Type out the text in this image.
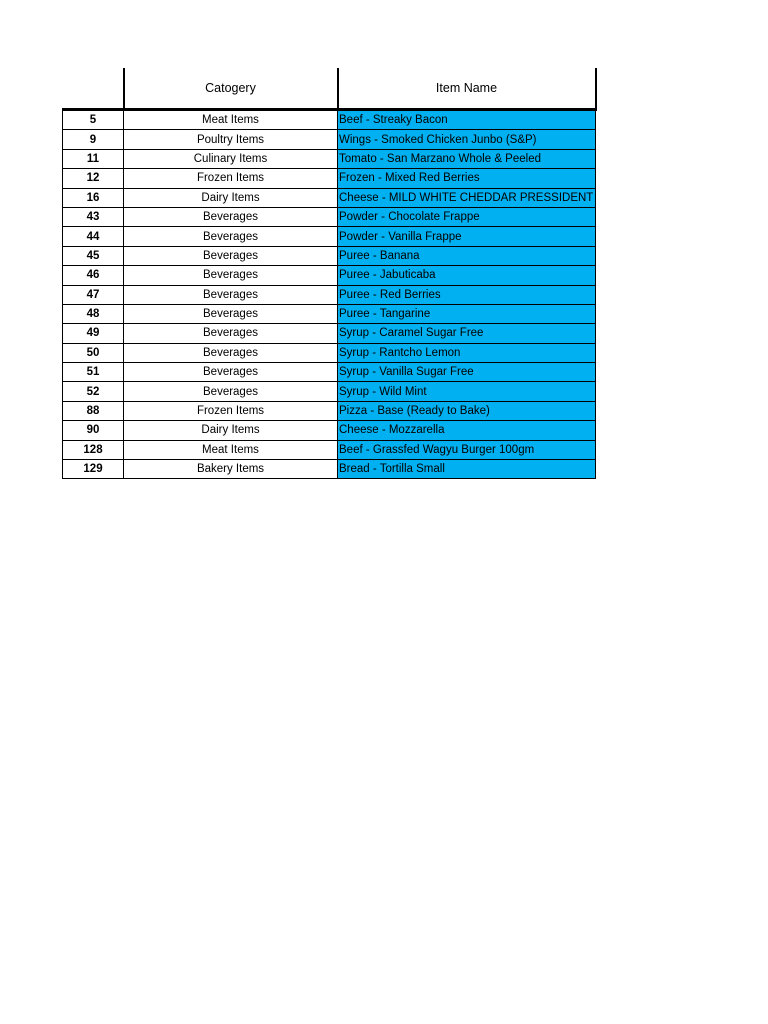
	Catogery	Item Name
5	Meat Items	Beef - Streaky Bacon
9	Poultry Items	Wings - Smoked Chicken Junbo (S&P)
11	Culinary Items	Tomato - San Marzano Whole & Peeled
12	Frozen Items	Frozen - Mixed Red Berries
16	Dairy Items	Cheese - MILD WHITE CHEDDAR PRESSIDENT
43	Beverages	Powder - Chocolate Frappe
44	Beverages	Powder - Vanilla Frappe
45	Beverages	Puree - Banana
46	Beverages	Puree - Jabuticaba
47	Beverages	Puree - Red Berries
48	Beverages	Puree - Tangarine
49	Beverages	Syrup - Caramel Sugar Free
50	Beverages	Syrup - Rantcho Lemon
51	Beverages	Syrup - Vanilla Sugar Free
52	Beverages	Syrup - Wild Mint
88	Frozen Items	Pizza - Base (Ready to Bake)
90	Dairy Items	Cheese - Mozzarella
128	Meat Items	Beef - Grassfed Wagyu Burger 100gm
129	Bakery Items	Bread - Tortilla Small
